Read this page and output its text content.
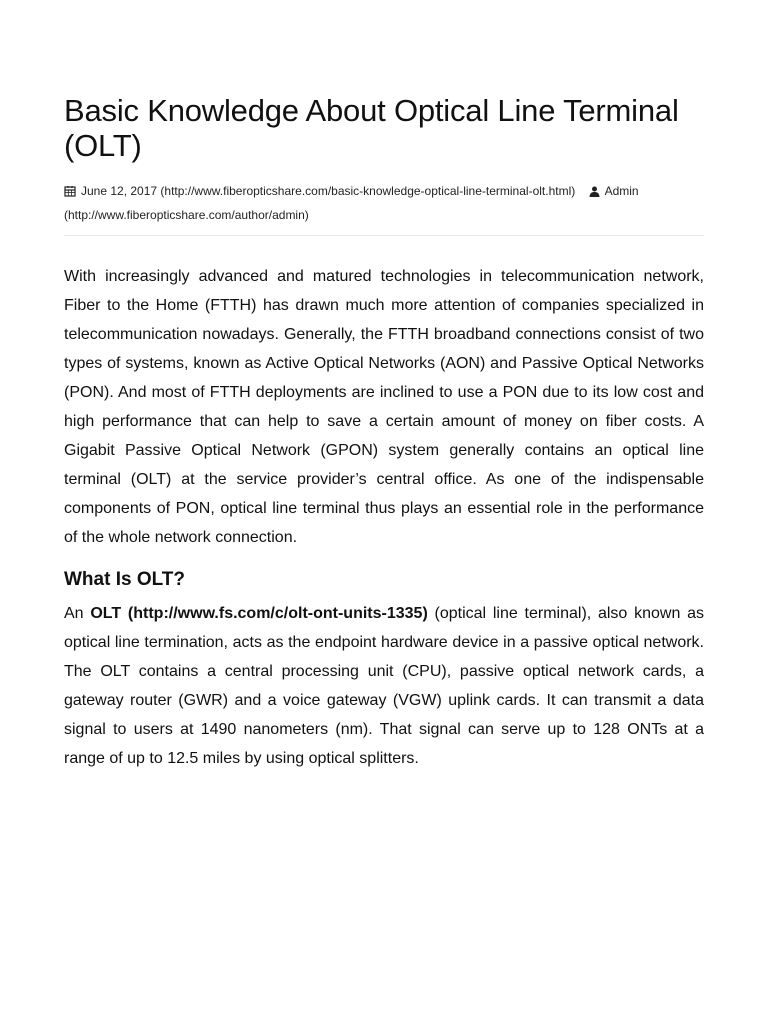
Basic Knowledge About Optical Line Terminal (OLT)
June 12, 2017 (http://www.fiberopticshare.com/basic-knowledge-optical-line-terminal-olt.html) Admin
(http://www.fiberopticshare.com/author/admin)

With increasingly advanced and matured technologies in telecommunication network, Fiber to the Home (FTTH) has drawn much more attention of companies specialized in telecommunication nowadays. Generally, the FTTH broadband connections consist of two types of systems, known as Active Optical Networks (AON) and Passive Optical Networks (PON). And most of FTTH deployments are inclined to use a PON due to its low cost and high performance that can help to save a certain amount of money on fiber costs. A Gigabit Passive Optical Network (GPON) system generally contains an optical line terminal (OLT) at the service provider’s central office. As one of the indispensable components of PON, optical line terminal thus plays an essential role in the performance of the whole network connection.

What Is OLT?

An OLT (http://www.fs.com/c/olt-ont-units-1335) (optical line terminal), also known as optical line termination, acts as the endpoint hardware device in a passive optical network. The OLT contains a central processing unit (CPU), passive optical network cards, a gateway router (GWR) and a voice gateway (VGW) uplink cards. It can transmit a data signal to users at 1490 nanometers (nm). That signal can serve up to 128 ONTs at a range of up to 12.5 miles by using optical splitters.
